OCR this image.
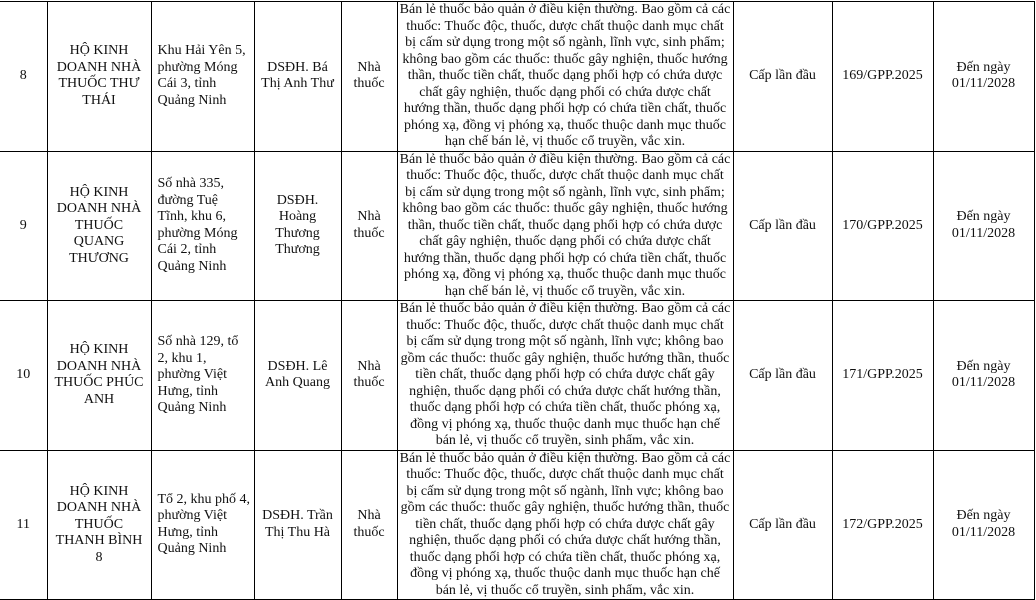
8	HỘ KINH DOANH NHÀ THUỐC THƯ THÁI	Khu Hải Yên 5, phường Móng Cái 3, tỉnh Quảng Ninh	DSĐH. Bá Thị Anh Thư	Nhà thuốc	Bán lẻ thuốc bảo quản ở điều kiện thường. Bao gồm cả các thuốc: Thuốc độc, thuốc, dược chất thuộc danh mục chất bị cấm sử dụng trong một số ngành, lĩnh vực, sinh phẩm; không bao gồm các thuốc: thuốc gây nghiện, thuốc hướng thần, thuốc tiền chất, thuốc dạng phối hợp có chứa dược chất gây nghiện, thuốc dạng phối có chứa dược chất hướng thần, thuốc dạng phối hợp có chứa tiền chất, thuốc phóng xạ, đồng vị phóng xạ, thuốc thuộc danh mục thuốc hạn chế bán lẻ, vị thuốc cổ truyền, vắc xin.	Cấp lần đầu	169/GPP.2025	Đến ngày 01/11/2028
9	HỘ KINH DOANH NHÀ THUỐC QUANG THƯƠNG	Số nhà 335, đường Tuệ Tĩnh, khu 6, phường Móng Cái 2, tỉnh Quảng Ninh	DSĐH. Hoàng Thương Thương	Nhà thuốc	Bán lẻ thuốc bảo quản ở điều kiện thường. Bao gồm cả các thuốc: Thuốc độc, thuốc, dược chất thuộc danh mục chất bị cấm sử dụng trong một số ngành, lĩnh vực, sinh phẩm; không bao gồm các thuốc: thuốc gây nghiện, thuốc hướng thần, thuốc tiền chất, thuốc dạng phối hợp có chứa dược chất gây nghiện, thuốc dạng phối có chứa dược chất hướng thần, thuốc dạng phối hợp có chứa tiền chất, thuốc phóng xạ, đồng vị phóng xạ, thuốc thuộc danh mục thuốc hạn chế bán lẻ, vị thuốc cổ truyền, vắc xin.	Cấp lần đầu	170/GPP.2025	Đến ngày 01/11/2028
10	HỘ KINH DOANH NHÀ THUỐC PHÚC ANH	Số nhà 129, tổ 2, khu 1, phường Việt Hưng, tỉnh Quảng Ninh	DSĐH. Lê Anh Quang	Nhà thuốc	Bán lẻ thuốc bảo quản ở điều kiện thường. Bao gồm cả các thuốc: Thuốc độc, thuốc, dược chất thuộc danh mục chất bị cấm sử dụng trong một số ngành, lĩnh vực; không bao gồm các thuốc: thuốc gây nghiện, thuốc hướng thần, thuốc tiền chất, thuốc dạng phối hợp có chứa dược chất gây nghiện, thuốc dạng phối có chứa dược chất hướng thần, thuốc dạng phối hợp có chứa tiền chất, thuốc phóng xạ, đồng vị phóng xạ, thuốc thuộc danh mục thuốc hạn chế bán lẻ, vị thuốc cổ truyền, sinh phẩm, vắc xin.	Cấp lần đầu	171/GPP.2025	Đến ngày 01/11/2028
11	HỘ KINH DOANH NHÀ THUỐC THANH BÌNH 8	Tổ 2, khu phố 4, phường Việt Hưng, tỉnh Quảng Ninh	DSĐH. Trần Thị Thu Hà	Nhà thuốc	Bán lẻ thuốc bảo quản ở điều kiện thường. Bao gồm cả các thuốc: Thuốc độc, thuốc, dược chất thuộc danh mục chất bị cấm sử dụng trong một số ngành, lĩnh vực; không bao gồm các thuốc: thuốc gây nghiện, thuốc hướng thần, thuốc tiền chất, thuốc dạng phối hợp có chứa dược chất gây nghiện, thuốc dạng phối có chứa dược chất hướng thần, thuốc dạng phối hợp có chứa tiền chất, thuốc phóng xạ, đồng vị phóng xạ, thuốc thuộc danh mục thuốc hạn chế bán lẻ, vị thuốc cổ truyền, sinh phẩm, vắc xin.	Cấp lần đầu	172/GPP.2025	Đến ngày 01/11/2028
